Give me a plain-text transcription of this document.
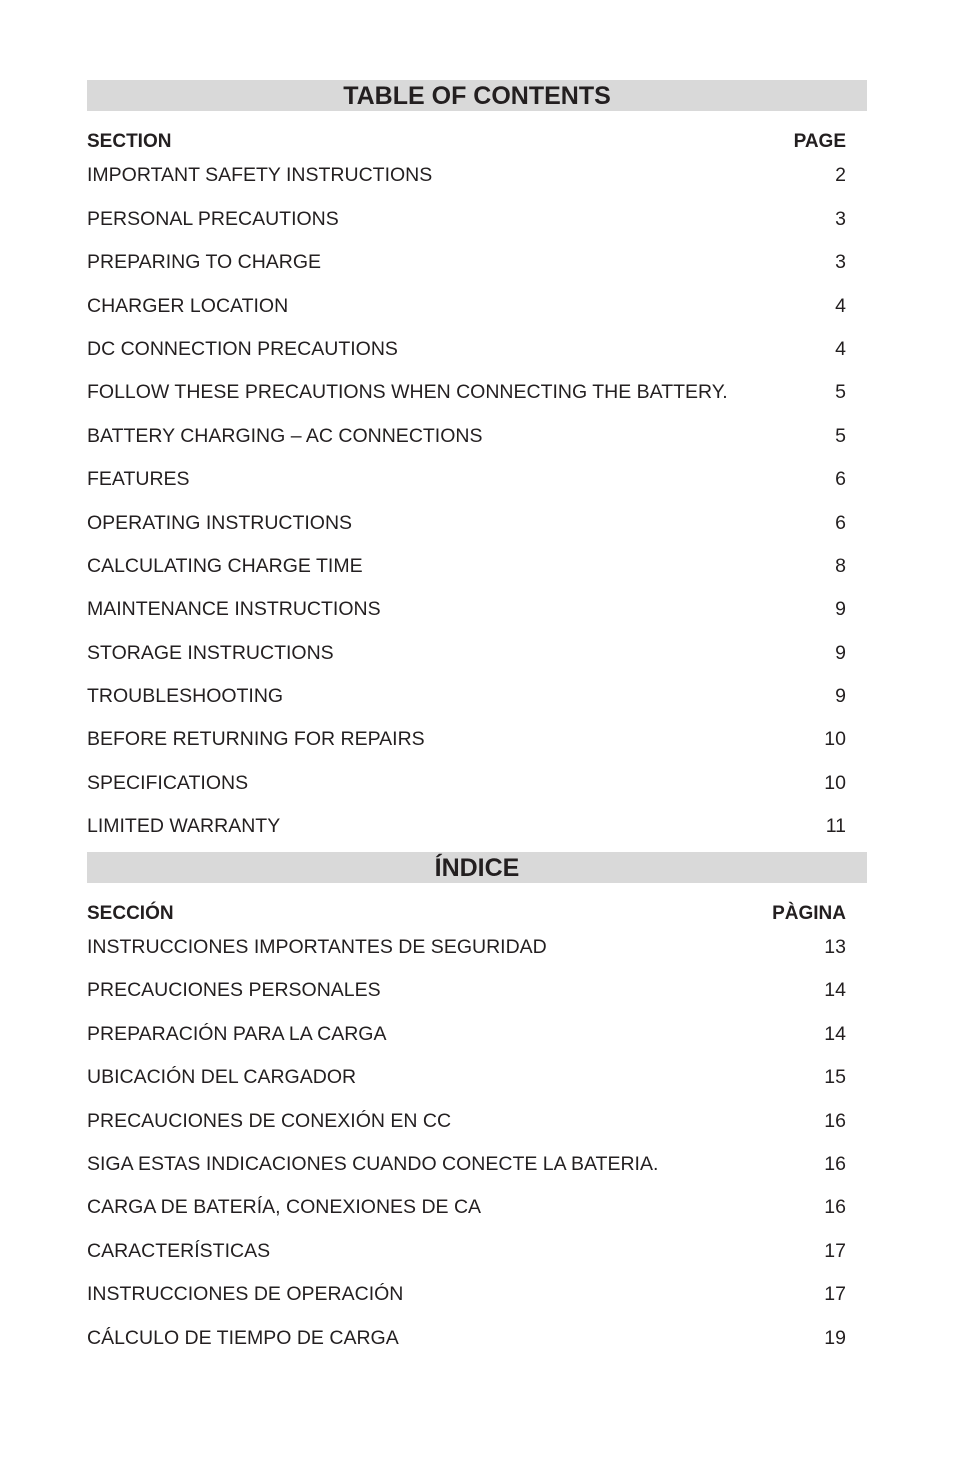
TABLE OF CONTENTS
SECTION	PAGE
IMPORTANT SAFETY INSTRUCTIONS	2
PERSONAL PRECAUTIONS	3
PREPARING TO CHARGE	3
CHARGER LOCATION	4
DC CONNECTION PRECAUTIONS	4
FOLLOW THESE PRECAUTIONS WHEN CONNECTING THE BATTERY.	5
BATTERY CHARGING – AC CONNECTIONS	5
FEATURES	6
OPERATING INSTRUCTIONS	6
CALCULATING CHARGE TIME	8
MAINTENANCE INSTRUCTIONS	9
STORAGE INSTRUCTIONS	9
TROUBLESHOOTING	9
BEFORE RETURNING FOR REPAIRS	10
SPECIFICATIONS	10
LIMITED WARRANTY	11
ÍNDICE
SECCIÓN	PÀGINA
INSTRUCCIONES IMPORTANTES DE SEGURIDAD	13
PRECAUCIONES PERSONALES	14
PREPARACIÓN PARA LA CARGA	14
UBICACIÓN DEL CARGADOR	15
PRECAUCIONES DE CONEXIÓN EN CC	16
SIGA ESTAS INDICACIONES CUANDO CONECTE LA BATERIA.	16
CARGA DE BATERÍA, CONEXIONES DE CA	16
CARACTERÍSTICAS	17
INSTRUCCIONES DE OPERACIÓN	17
CÁLCULO DE TIEMPO DE CARGA	19
